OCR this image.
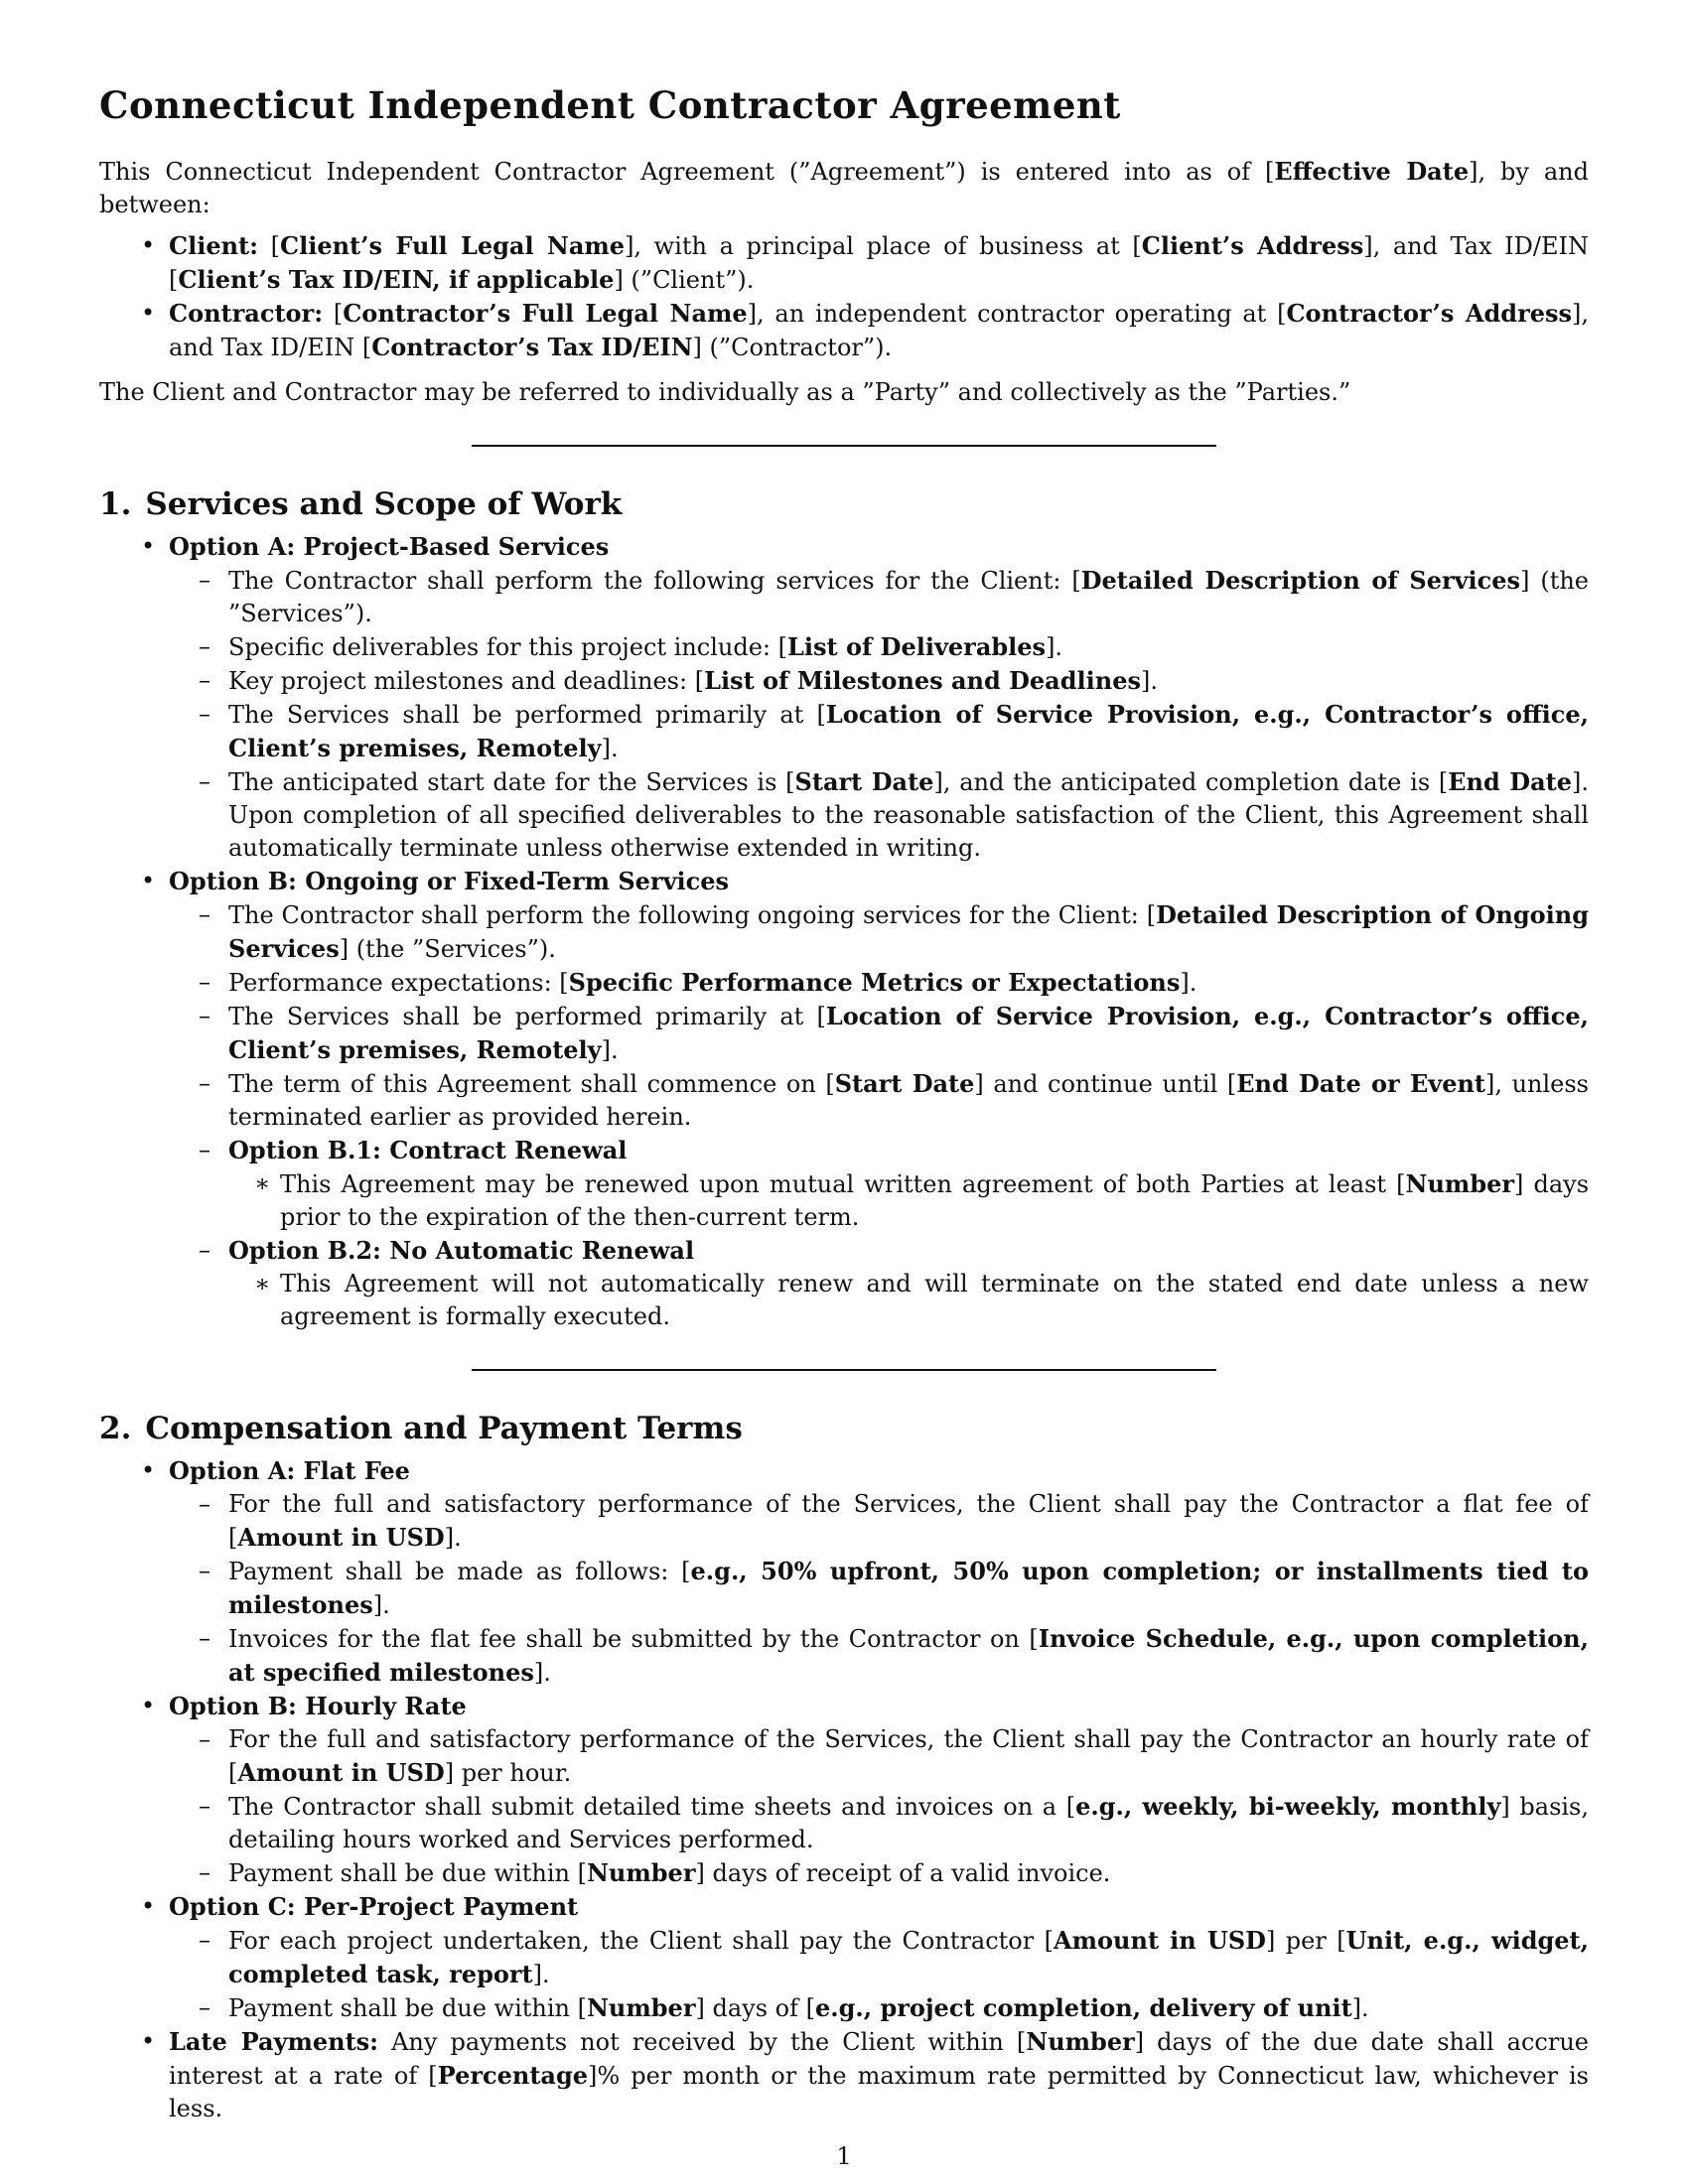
Connecticut Independent Contractor Agreement

This Connecticut Independent Contractor Agreement (”Agreement”) is entered into as of [Effective Date], by and between:

• Client: [Client’s Full Legal Name], with a principal place of business at [Client’s Address], and Tax ID/EIN [Client’s Tax ID/EIN, if applicable] (”Client”).
• Contractor: [Contractor’s Full Legal Name], an independent contractor operating at [Contractor’s Address], and Tax ID/EIN [Contractor’s Tax ID/EIN] (”Contractor”).

The Client and Contractor may be referred to individually as a ”Party” and collectively as the ”Parties.”

1. Services and Scope of Work
• Option A: Project-Based Services
– The Contractor shall perform the following services for the Client: [Detailed Description of Services] (the ”Services”).
– Specific deliverables for this project include: [List of Deliverables].
– Key project milestones and deadlines: [List of Milestones and Deadlines].
– The Services shall be performed primarily at [Location of Service Provision, e.g., Contractor’s office, Client’s premises, Remotely].
– The anticipated start date for the Services is [Start Date], and the anticipated completion date is [End Date]. Upon completion of all specified deliverables to the reasonable satisfaction of the Client, this Agreement shall automatically terminate unless otherwise extended in writing.
• Option B: Ongoing or Fixed-Term Services
– The Contractor shall perform the following ongoing services for the Client: [Detailed Description of Ongoing Services] (the ”Services”).
– Performance expectations: [Specific Performance Metrics or Expectations].
– The Services shall be performed primarily at [Location of Service Provision, e.g., Contractor’s office, Client’s premises, Remotely].
– The term of this Agreement shall commence on [Start Date] and continue until [End Date or Event], unless terminated earlier as provided herein.
– Option B.1: Contract Renewal
∗ This Agreement may be renewed upon mutual written agreement of both Parties at least [Number] days prior to the expiration of the then-current term.
– Option B.2: No Automatic Renewal
∗ This Agreement will not automatically renew and will terminate on the stated end date unless a new agreement is formally executed.
2. Compensation and Payment Terms
• Option A: Flat Fee
– For the full and satisfactory performance of the Services, the Client shall pay the Contractor a flat fee of [Amount in USD].
– Payment shall be made as follows: [e.g., 50% upfront, 50% upon completion; or installments tied to milestones].
– Invoices for the flat fee shall be submitted by the Contractor on [Invoice Schedule, e.g., upon completion, at specified milestones].
• Option B: Hourly Rate
– For the full and satisfactory performance of the Services, the Client shall pay the Contractor an hourly rate of [Amount in USD] per hour.
– The Contractor shall submit detailed time sheets and invoices on a [e.g., weekly, bi-weekly, monthly] basis, detailing hours worked and Services performed.
– Payment shall be due within [Number] days of receipt of a valid invoice.
• Option C: Per-Project Payment
– For each project undertaken, the Client shall pay the Contractor [Amount in USD] per [Unit, e.g., widget, completed task, report].
– Payment shall be due within [Number] days of [e.g., project completion, delivery of unit].
• Late Payments: Any payments not received by the Client within [Number] days of the due date shall accrue interest at a rate of [Percentage]% per month or the maximum rate permitted by Connecticut law, whichever is less.
1
